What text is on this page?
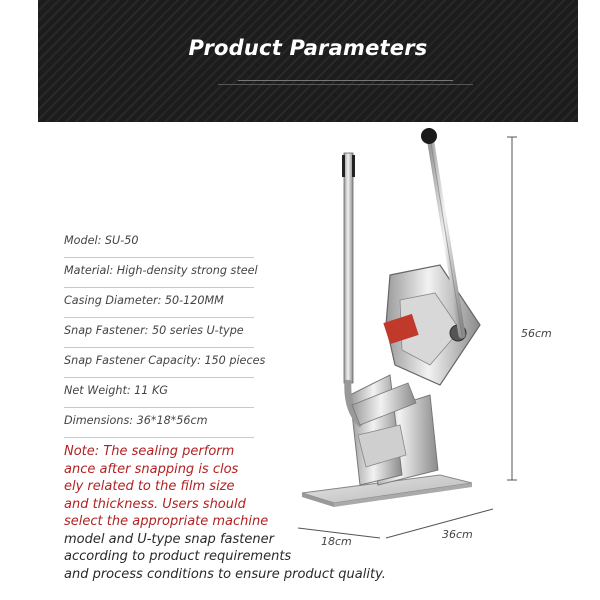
Product Parameters
Model: SU-50
Material: High-density strong steel
Casing Diameter: 50-120MM
Snap Fastener: 50 series U-type
Snap Fastener Capacity: 150 pieces
Net Weight: 11 KG
Dimensions: 36*18*56cm
Note: The sealing perform
ance after snapping is clos
ely related to the film size
and thickness. Users should
select the appropriate machine
model and U-type snap fastener
according to product requirements
and process conditions to ensure product quality.
56cm
36cm
18cm
